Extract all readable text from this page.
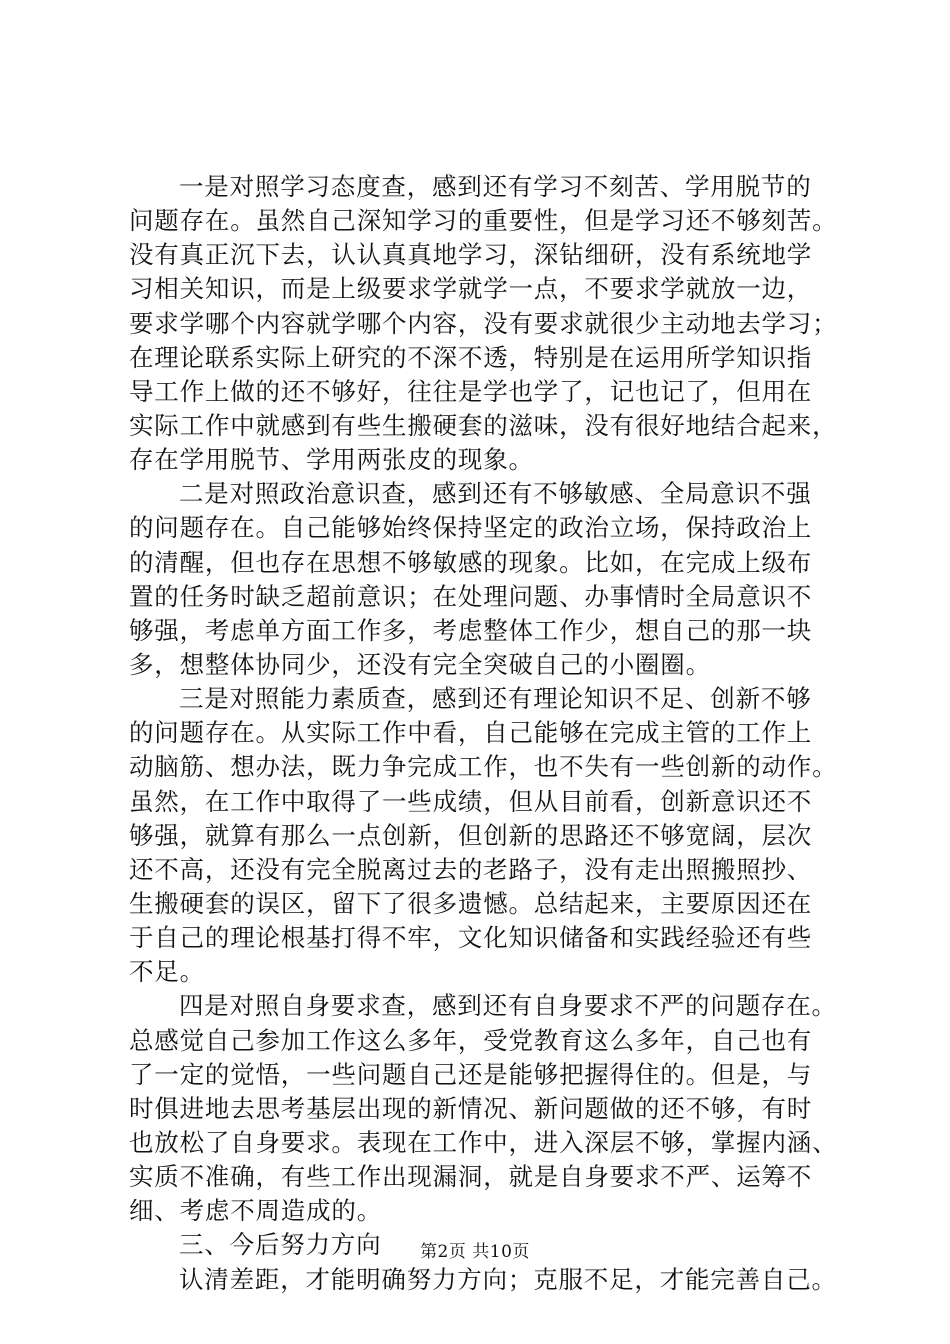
一是对照学习态度查，感到还有学习不刻苦、学用脱节的
问题存在。虽然自己深知学习的重要性，但是学习还不够刻苦。
没有真正沉下去，认认真真地学习，深钻细研，没有系统地学
习相关知识，而是上级要求学就学一点，不要求学就放一边，
要求学哪个内容就学哪个内容，没有要求就很少主动地去学习；
在理论联系实际上研究的不深不透，特别是在运用所学知识指
导工作上做的还不够好，往往是学也学了，记也记了，但用在
实际工作中就感到有些生搬硬套的滋味，没有很好地结合起来，
存在学用脱节、学用两张皮的现象。
二是对照政治意识查，感到还有不够敏感、全局意识不强
的问题存在。自己能够始终保持坚定的政治立场，保持政治上
的清醒，但也存在思想不够敏感的现象。比如，在完成上级布
置的任务时缺乏超前意识；在处理问题、办事情时全局意识不
够强，考虑单方面工作多，考虑整体工作少，想自己的那一块
多，想整体协同少，还没有完全突破自己的小圈圈。
三是对照能力素质查，感到还有理论知识不足、创新不够
的问题存在。从实际工作中看，自己能够在完成主管的工作上
动脑筋、想办法，既力争完成工作，也不失有一些创新的动作。
虽然，在工作中取得了一些成绩，但从目前看，创新意识还不
够强，就算有那么一点创新，但创新的思路还不够宽阔，层次
还不高，还没有完全脱离过去的老路子，没有走出照搬照抄、
生搬硬套的误区，留下了很多遗憾。总结起来，主要原因还在
于自己的理论根基打得不牢，文化知识储备和实践经验还有些
不足。
四是对照自身要求查，感到还有自身要求不严的问题存在。
总感觉自己参加工作这么多年，受党教育这么多年，自己也有
了一定的觉悟，一些问题自己还是能够把握得住的。但是，与
时俱进地去思考基层出现的新情况、新问题做的还不够，有时
也放松了自身要求。表现在工作中，进入深层不够，掌握内涵、
实质不准确，有些工作出现漏洞，就是自身要求不严、运筹不
细、考虑不周造成的。
三、今后努力方向
认清差距，才能明确努力方向；克服不足，才能完善自己。
第2页 共10页
